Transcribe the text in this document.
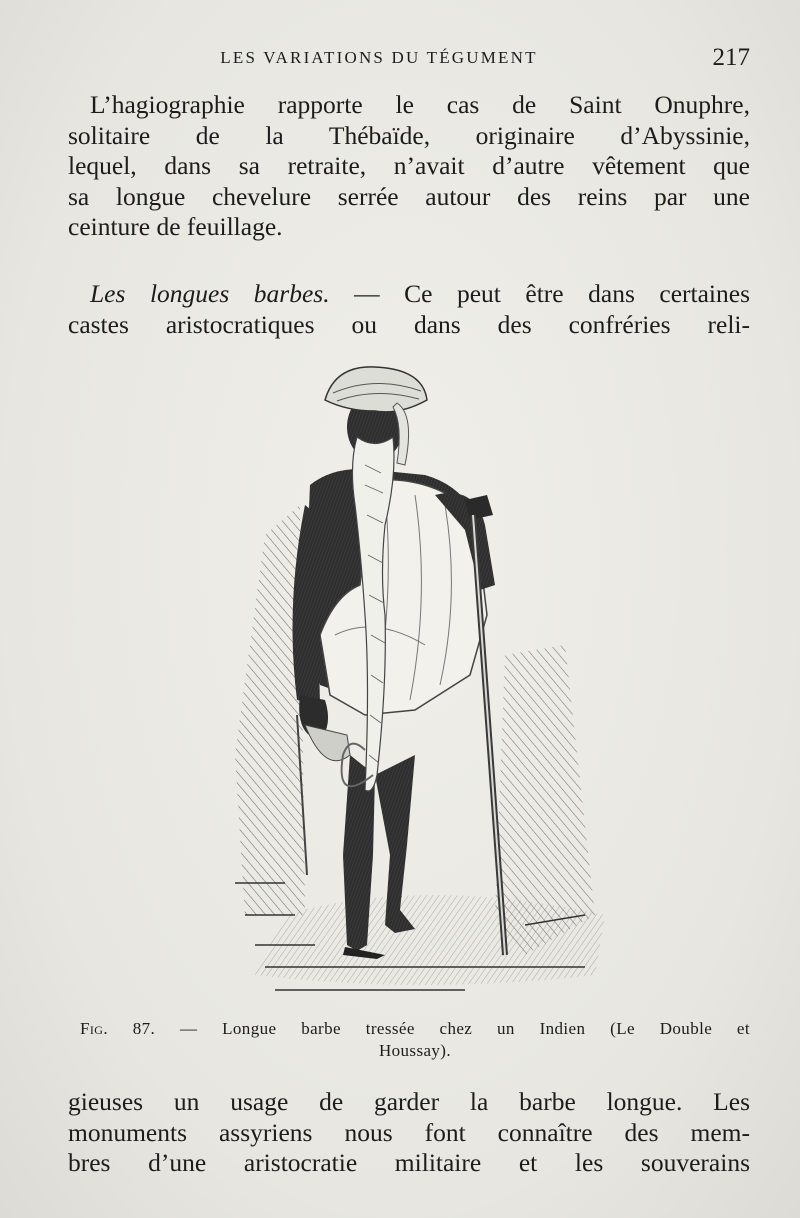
LES VARIATIONS DU TÉGUMENT	217
L’hagiographie rapporte le cas de Saint Onuphre,
solitaire de la Thébaïde, originaire d’Abyssinie,
lequel, dans sa retraite, n’avait d’autre vêtement que
sa longue chevelure serrée autour des reins par une
ceinture de feuillage.
Les longues barbes. — Ce peut être dans certaines
castes aristocratiques ou dans des confréries reli-
Fig. 87. — Longue barbe tressée chez un Indien (Le Double et
Houssay).
gieuses un usage de garder la barbe longue. Les
monuments assyriens nous font connaître des mem-
bres d’une aristocratie militaire et les souverains
